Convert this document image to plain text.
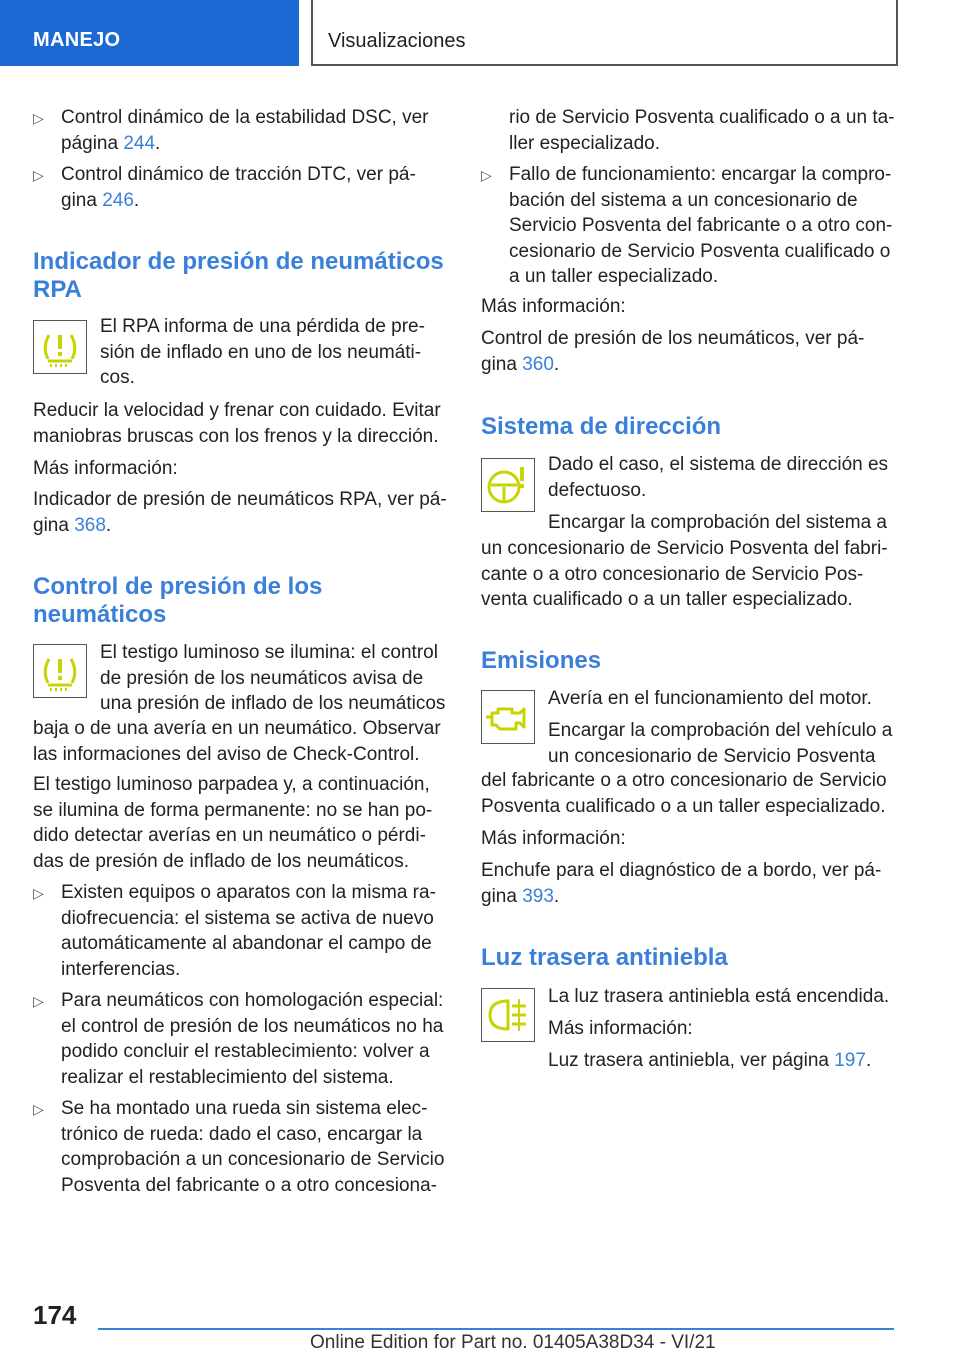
MANEJO	Visualizaciones
▷ Control dinámico de la estabilidad DSC, ver
página 244.

▷ Control dinámico de tracción DTC, ver pá-
gina 246.

Indicador de presión de neumáticos
RPA

El RPA informa de una pérdida de pre-
sión de inflado en uno de los neumáti-
cos.

Reducir la velocidad y frenar con cuidado. Evitar
maniobras bruscas con los frenos y la dirección.

Más información:

Indicador de presión de neumáticos RPA, ver pá-
gina 368.

Control de presión de los
neumáticos

El testigo luminoso se ilumina: el control
de presión de los neumáticos avisa de
una presión de inflado de los neumáticos

baja o de una avería en un neumático. Observar
las informaciones del aviso de Check-Control.

El testigo luminoso parpadea y, a continuación,
se ilumina de forma permanente: no se han po-
dido detectar averías en un neumático o pérdi-
das de presión de inflado de los neumáticos.

▷ Existen equipos o aparatos con la misma ra-
diofrecuencia: el sistema se activa de nuevo
automáticamente al abandonar el campo de
interferencias.

▷ Para neumáticos con homologación especial:
el control de presión de los neumáticos no ha
podido concluir el restablecimiento: volver a
realizar el restablecimiento del sistema.

▷ Se ha montado una rueda sin sistema elec-
trónico de rueda: dado el caso, encargar la
comprobación a un concesionario de Servicio
Posventa del fabricante o a otro concesiona-

rio de Servicio Posventa cualificado o a un ta-
ller especializado.

▷ Fallo de funcionamiento: encargar la compro-
bación del sistema a un concesionario de
Servicio Posventa del fabricante o a otro con-
cesionario de Servicio Posventa cualificado o
a un taller especializado.

Más información:

Control de presión de los neumáticos, ver pá-
gina 360.

Sistema de dirección

Dado el caso, el sistema de dirección es
defectuoso.

Encargar la comprobación del sistema a

un concesionario de Servicio Posventa del fabri-
cante o a otro concesionario de Servicio Pos-
venta cualificado o a un taller especializado.

Emisiones

Avería en el funcionamiento del motor.

Encargar la comprobación del vehículo a
un concesionario de Servicio Posventa

del fabricante o a otro concesionario de Servicio
Posventa cualificado o a un taller especializado.

Más información:

Enchufe para el diagnóstico de a bordo, ver pá-
gina 393.

Luz trasera antiniebla

La luz trasera antiniebla está encendida.

Más información:

Luz trasera antiniebla, ver página 197.

174
Online Edition for Part no. 01405A38D34 - VI/21
